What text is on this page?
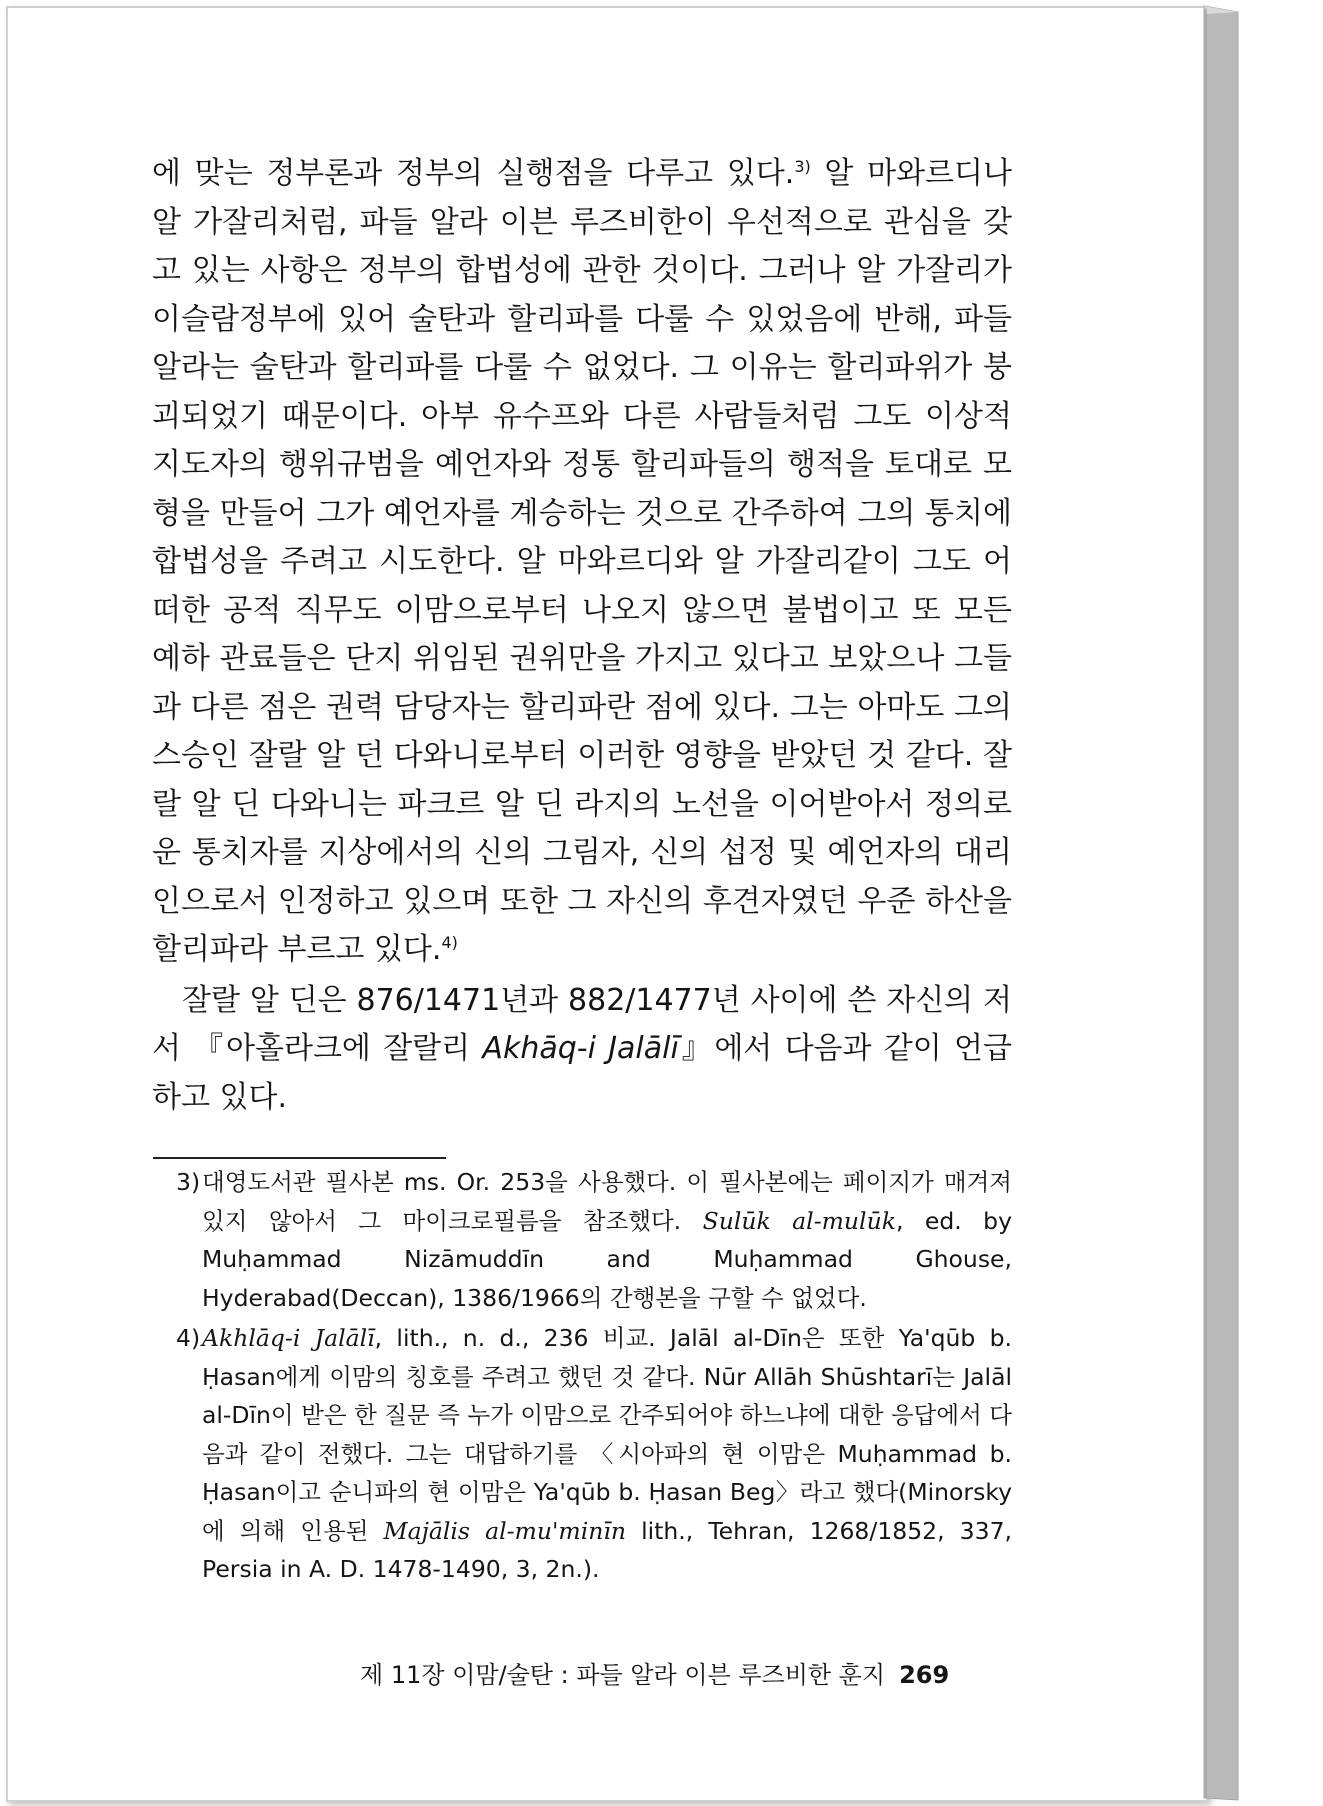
에 맞는 정부론과 정부의 실행점을 다루고 있다.$^{3)}$ 알 마와르디나 알 가잘리처럼, 파들 알라 이븐 루즈비한이 우선적으로 관심을 갖고 있는 사항은 정부의 합법성에 관한 것이다. 그러나 알 가잘리가 이슬람정부에 있어 술탄과 할리파를 다룰 수 있었음에 반해, 파들 알라는 술탄과 할리파를 다룰 수 없었다. 그 이유는 할리파위가 붕괴되었기 때문이다. 아부 유수프와 다른 사람들처럼 그도 이상적 지도자의 행위규범을 예언자와 정통 할리파들의 행적을 토대로 모형을 만들어 그가 예언자를 계승하는 것으로 간주하여 그의 통치에 합법성을 주려고 시도한다. 알 마와르디와 알 가잘리같이 그도 어떠한 공적 직무도 이맘으로부터 나오지 않으면 불법이고 또 모든 예하 관료들은 단지 위임된 권위만을 가지고 있다고 보았으나 그들과 다른 점은 권력 담당자는 할리파란 점에 있다. 그는 아마도 그의 스승인 잘랄 알 던 다와니로부터 이러한 영향을 받았던 것 같다. 잘랄 알 딘 다와니는 파크르 알 딘 라지의 노선을 이어받아서 정의로운 통치자를 지상에서의 신의 그림자, 신의 섭정 및 예언자의 대리인으로서 인정하고 있으며 또한 그 자신의 후견자였던 우준 하산을 할리파라 부르고 있다.$^{4)}$

잘랄 알 딘은 876/1471년과 882/1477년 사이에 쓴 자신의 저서 『아홀라크에 잘랄리 Akhāq-i Jalālī』에서 다음과 같이 언급하고 있다.

3) 대영도서관 필사본 ms. Or. 253을 사용했다. 이 필사본에는 페이지가 매겨져 있지 않아서 그 마이크로필름을 참조했다. Sulūk al-mulūk, ed. by Muḥammad Nizāmuddīn and Muḥammad Ghouse, Hyderabad(Deccan), 1386/1966의 간행본을 구할 수 없었다.
4) Akhlāq-i Jalālī, lith., n. d., 236 비교. Jalāl al-Dīn은 또한 Ya'qūb b. Ḥasan에게 이맘의 칭호를 주려고 했던 것 같다. Nūr Allāh Shūshtarī는 Jalāl al-Dīn이 받은 한 질문 즉 누가 이맘으로 간주되어야 하느냐에 대한 응답에서 다음과 같이 전했다. 그는 대답하기를 〈시아파의 현 이맘은 Muḥammad b. Ḥasan이고 순니파의 현 이맘은 Ya'qūb b. Ḥasan Beg〉라고 했다(Minorsky에 의해 인용된 Majālis al-mu'minīn lith., Tehran, 1268/1852, 337, Persia in A. D. 1478-1490, 3, 2n.).
제 11장 이맘/술탄 : 파들 알라 이븐 루즈비한 훈지 269
